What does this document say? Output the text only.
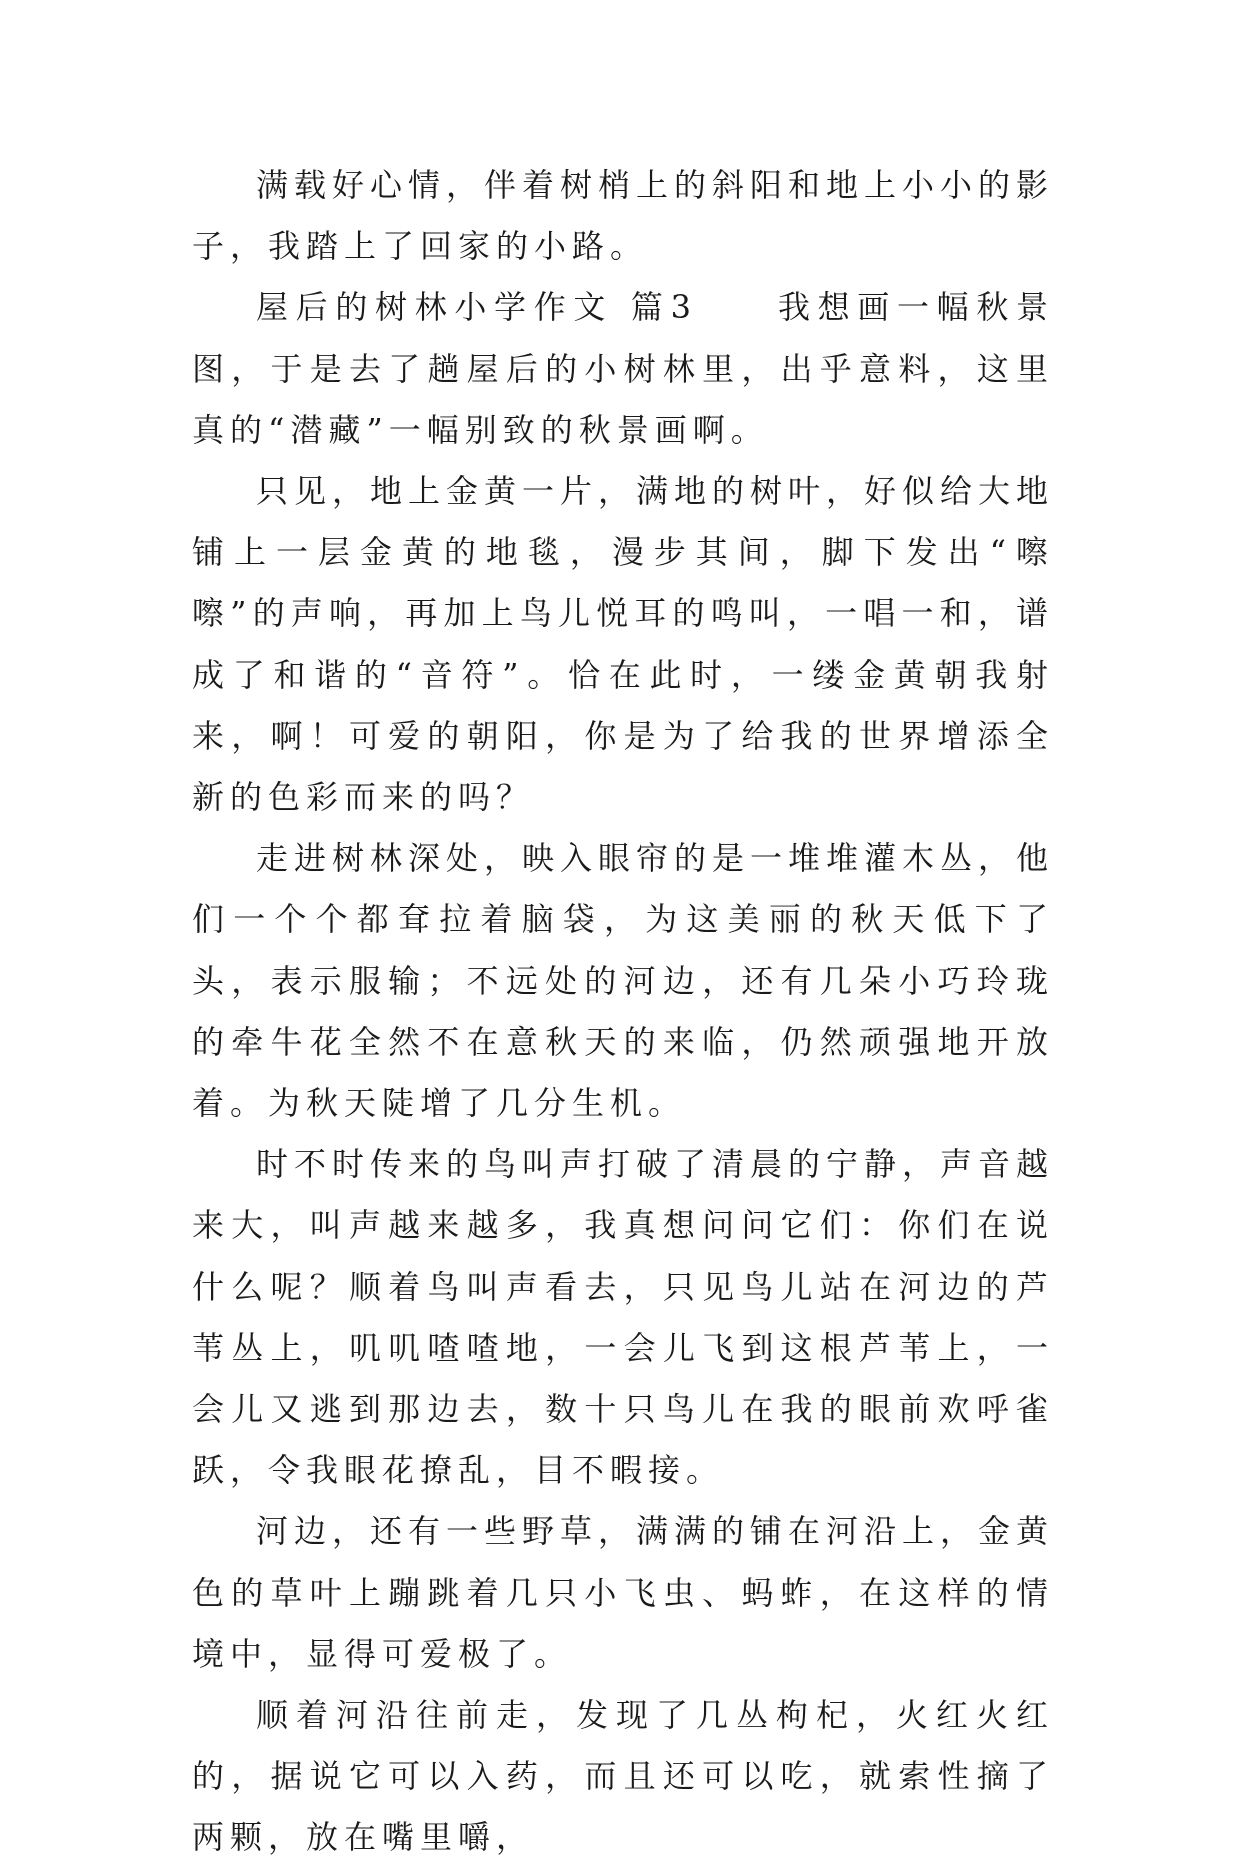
满载好心情，伴着树梢上的斜阳和地上小小的影子，我踏上了回家的小路。

屋后的树林小学作文 篇3　　我想画一幅秋景图，于是去了趟屋后的小树林里，出乎意料，这里真的“潜藏”一幅别致的秋景画啊。

只见，地上金黄一片，满地的树叶，好似给大地铺上一层金黄的地毯，漫步其间，脚下发出“嚓嚓”的声响，再加上鸟儿悦耳的鸣叫，一唱一和，谱成了和谐的“音符”。恰在此时，一缕金黄朝我射来，啊！可爱的朝阳，你是为了给我的世界增添全新的色彩而来的吗？

走进树林深处，映入眼帘的是一堆堆灌木丛，他们一个个都耷拉着脑袋，为这美丽的秋天低下了头，表示服输；不远处的河边，还有几朵小巧玲珑的牵牛花全然不在意秋天的来临，仍然顽强地开放着。为秋天陡增了几分生机。

时不时传来的鸟叫声打破了清晨的宁静，声音越来大，叫声越来越多，我真想问问它们：你们在说什么呢？顺着鸟叫声看去，只见鸟儿站在河边的芦苇丛上，叽叽喳喳地，一会儿飞到这根芦苇上，一会儿又逃到那边去，数十只鸟儿在我的眼前欢呼雀跃，令我眼花撩乱，目不暇接。

河边，还有一些野草，满满的铺在河沿上，金黄色的草叶上蹦跳着几只小飞虫、蚂蚱，在这样的情境中，显得可爱极了。

顺着河沿往前走，发现了几丛枸杞，火红火红的，据说它可以入药，而且还可以吃，就索性摘了两颗，放在嘴里嚼，
